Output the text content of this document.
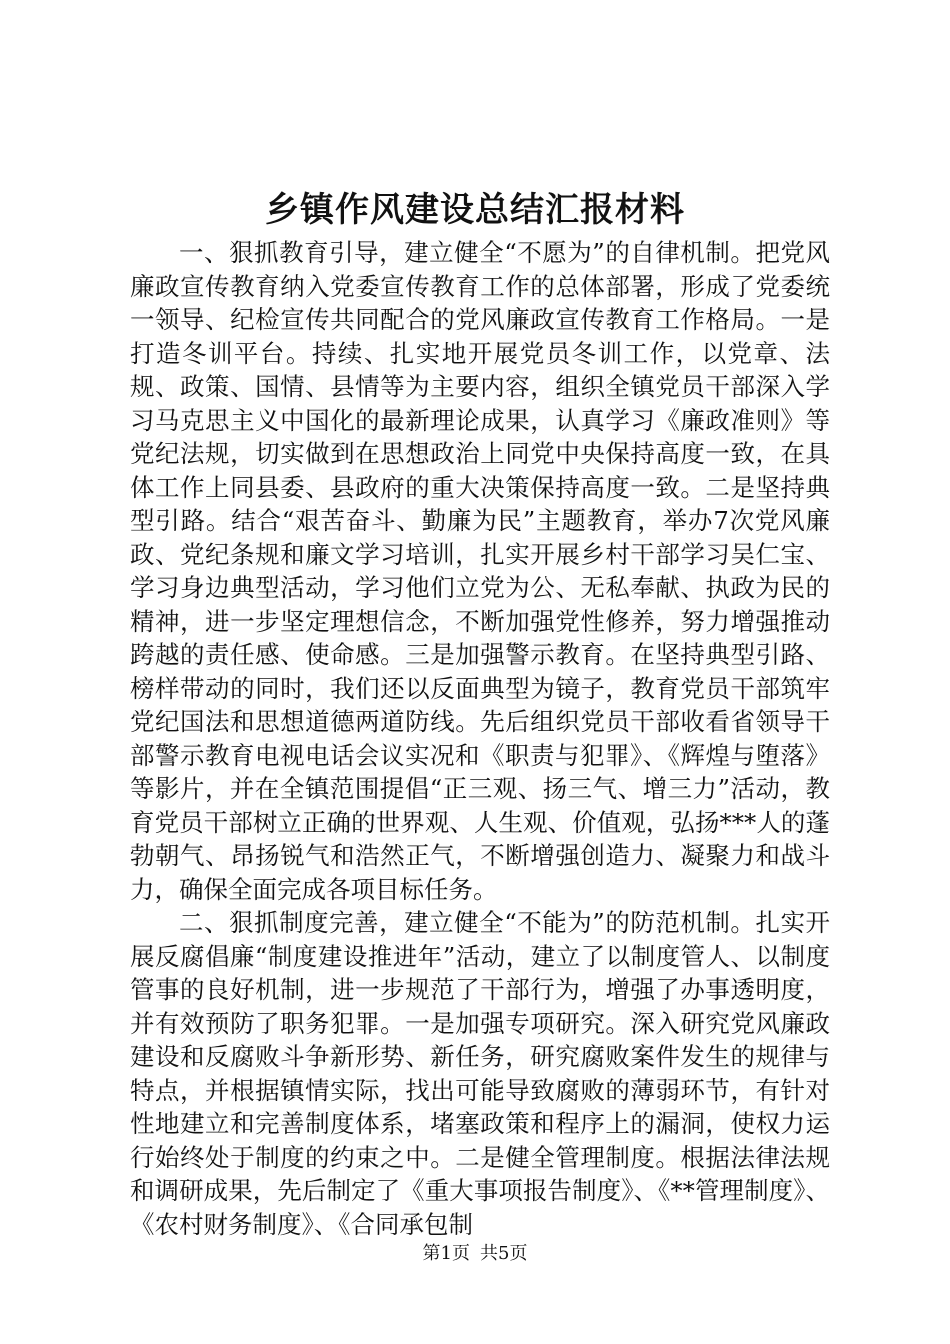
乡镇作风建设总结汇报材料

一、狠抓教育引导，建立健全“不愿为”的自律机制。把党风廉政宣传教育纳入党委宣传教育工作的总体部署，形成了党委统一领导、纪检宣传共同配合的党风廉政宣传教育工作格局。一是打造冬训平台。持续、扎实地开展党员冬训工作，以党章、法规、政策、国情、县情等为主要内容，组织全镇党员干部深入学习马克思主义中国化的最新理论成果，认真学习《廉政准则》等党纪法规，切实做到在思想政治上同党中央保持高度一致，在具体工作上同县委、县政府的重大决策保持高度一致。二是坚持典型引路。结合“艰苦奋斗、勤廉为民”主题教育，举办7次党风廉政、党纪条规和廉文学习培训，扎实开展乡村干部学习吴仁宝、学习身边典型活动，学习他们立党为公、无私奉献、执政为民的精神，进一步坚定理想信念，不断加强党性修养，努力增强推动跨越的责任感、使命感。三是加强警示教育。在坚持典型引路、榜样带动的同时，我们还以反面典型为镜子，教育党员干部筑牢党纪国法和思想道德两道防线。先后组织党员干部收看省领导干部警示教育电视电话会议实况和《职责与犯罪》、《辉煌与堕落》等影片，并在全镇范围提倡“正三观、扬三气、增三力”活动，教育党员干部树立正确的世界观、人生观、价值观，弘扬***人的蓬勃朝气、昂扬锐气和浩然正气，不断增强创造力、凝聚力和战斗力，确保全面完成各项目标任务。

二、狠抓制度完善，建立健全“不能为”的防范机制。扎实开展反腐倡廉“制度建设推进年”活动，建立了以制度管人、以制度管事的良好机制，进一步规范了干部行为，增强了办事透明度，并有效预防了职务犯罪。一是加强专项研究。深入研究党风廉政建设和反腐败斗争新形势、新任务，研究腐败案件发生的规律与特点，并根据镇情实际，找出可能导致腐败的薄弱环节，有针对性地建立和完善制度体系，堵塞政策和程序上的漏洞，使权力运行始终处于制度的约束之中。二是健全管理制度。根据法律法规和调研成果，先后制定了《重大事项报告制度》、《**管理制度》、《农村财务制度》、《合同承包制

第1页 共5页
